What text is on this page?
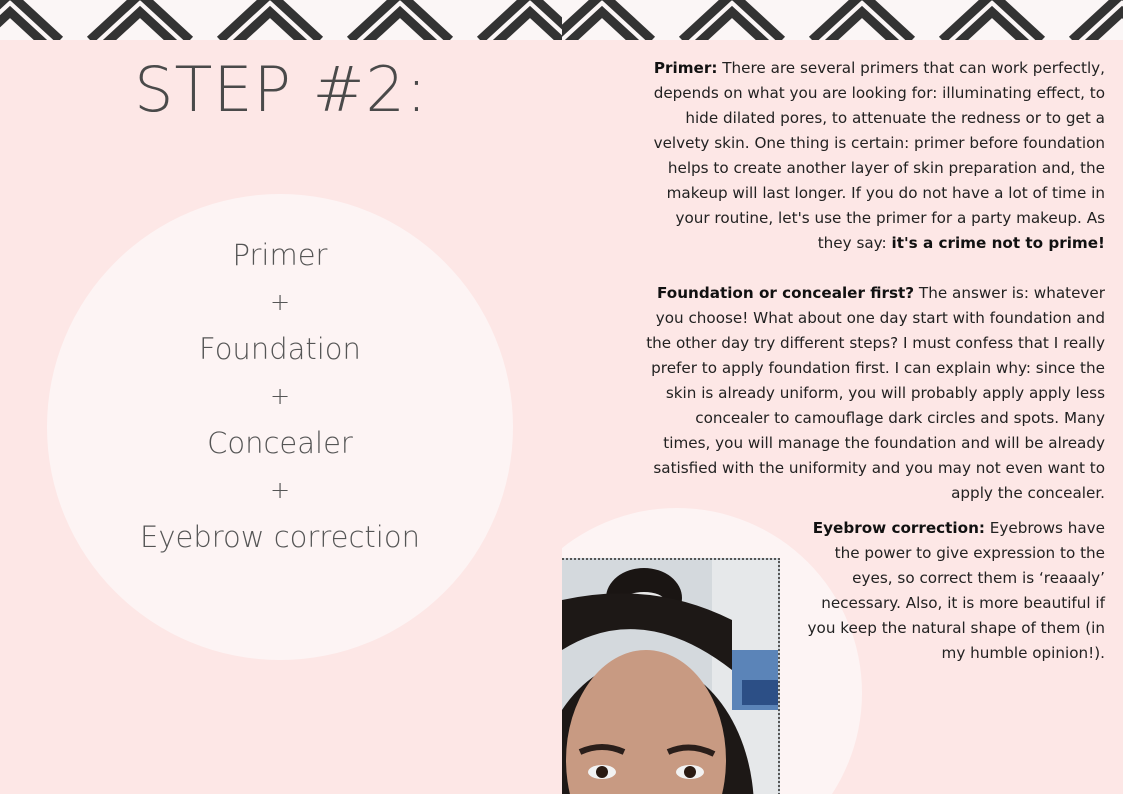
STEP #2:
Primer
+
Foundation
+
Concealer
+
Eyebrow correction

Primer: There are several primers that can work perfectly, depends on what you are looking for: illuminating effect, to hide dilated pores, to attenuate the redness or to get a velvety skin. One thing is certain: primer before foundation helps to create another layer of skin preparation and, the makeup will last longer. If you do not have a lot of time in your routine, let's use the primer for a party makeup. As they say: it's a crime not to prime!

Foundation or concealer first? The answer is: whatever you choose! What about one day start with foundation and the other day try different steps? I must confess that I really prefer to apply foundation first. I can explain why: since the skin is already uniform, you will probably apply apply less concealer to camouflage dark circles and spots. Many times, you will manage the foundation and will be already satisfied with the uniformity and you may not even want to apply the concealer.

Eyebrow correction: Eyebrows have the power to give expression to the eyes, so correct them is ‘reaaaly’ necessary. Also, it is more beautiful if you keep the natural shape of them (in my humble opinion!).
